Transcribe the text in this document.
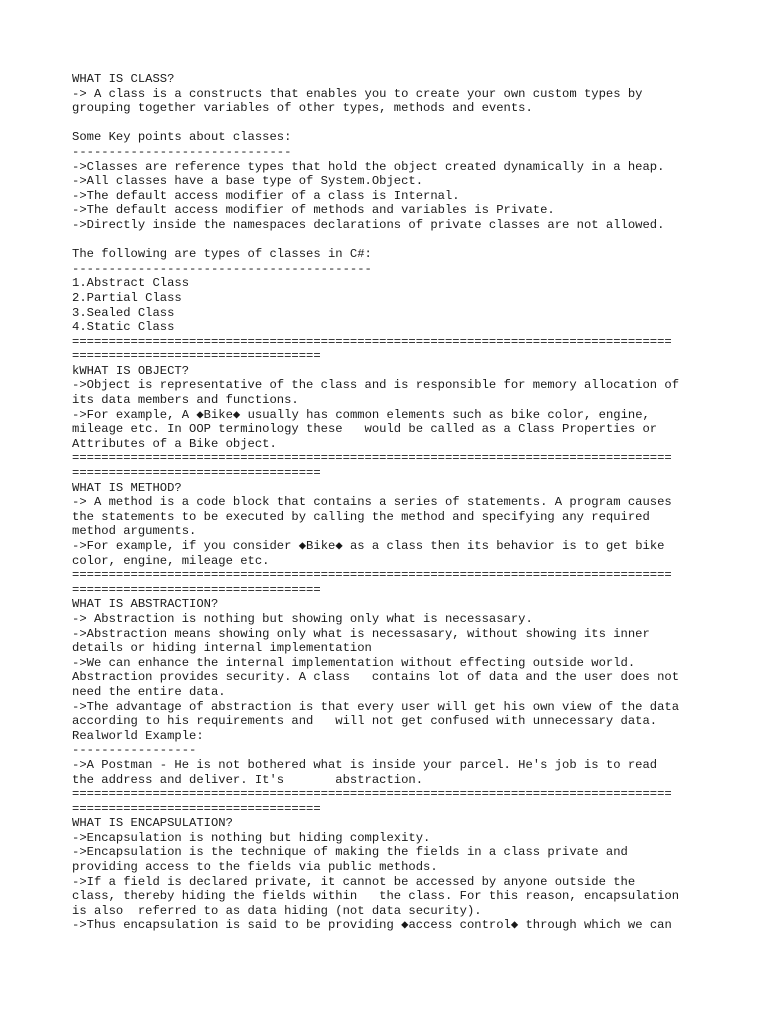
WHAT IS CLASS?
-> A class is a constructs that enables you to create your own custom types by
grouping together variables of other types, methods and events.
Some Key points about classes:
------------------------------
->Classes are reference types that hold the object created dynamically in a heap.
->All classes have a base type of System.Object.
->The default access modifier of a class is Internal.
->The default access modifier of methods and variables is Private.
->Directly inside the namespaces declarations of private classes are not allowed.
The following are types of classes in C#:
-----------------------------------------
1.Abstract Class
2.Partial Class
3.Sealed Class
4.Static Class
==================================================================================
==================================
kWHAT IS OBJECT?
->Object is representative of the class and is responsible for memory allocation of
its data members and functions.
->For example, A ◆Bike◆ usually has common elements such as bike color, engine,
mileage etc. In OOP terminology these   would be called as a Class Properties or
Attributes of a Bike object.
==================================================================================
==================================
WHAT IS METHOD?
-> A method is a code block that contains a series of statements. A program causes
the statements to be executed by calling the method and specifying any required
method arguments.
->For example, if you consider ◆Bike◆ as a class then its behavior is to get bike
color, engine, mileage etc.
==================================================================================
==================================
WHAT IS ABSTRACTION?
-> Abstraction is nothing but showing only what is necessasary.
->Abstraction means showing only what is necessasary, without showing its inner
details or hiding internal implementation
->We can enhance the internal implementation without effecting outside world.
Abstraction provides security. A class   contains lot of data and the user does not
need the entire data.
->The advantage of abstraction is that every user will get his own view of the data
according to his requirements and   will not get confused with unnecessary data.
Realworld Example:
-----------------
->A Postman - He is not bothered what is inside your parcel. He's job is to read
the address and deliver. It's       abstraction.
==================================================================================
==================================
WHAT IS ENCAPSULATION?
->Encapsulation is nothing but hiding complexity.
->Encapsulation is the technique of making the fields in a class private and
providing access to the fields via public methods.
->If a field is declared private, it cannot be accessed by anyone outside the
class, thereby hiding the fields within   the class. For this reason, encapsulation
is also  referred to as data hiding (not data security).
->Thus encapsulation is said to be providing ◆access control◆ through which we can
